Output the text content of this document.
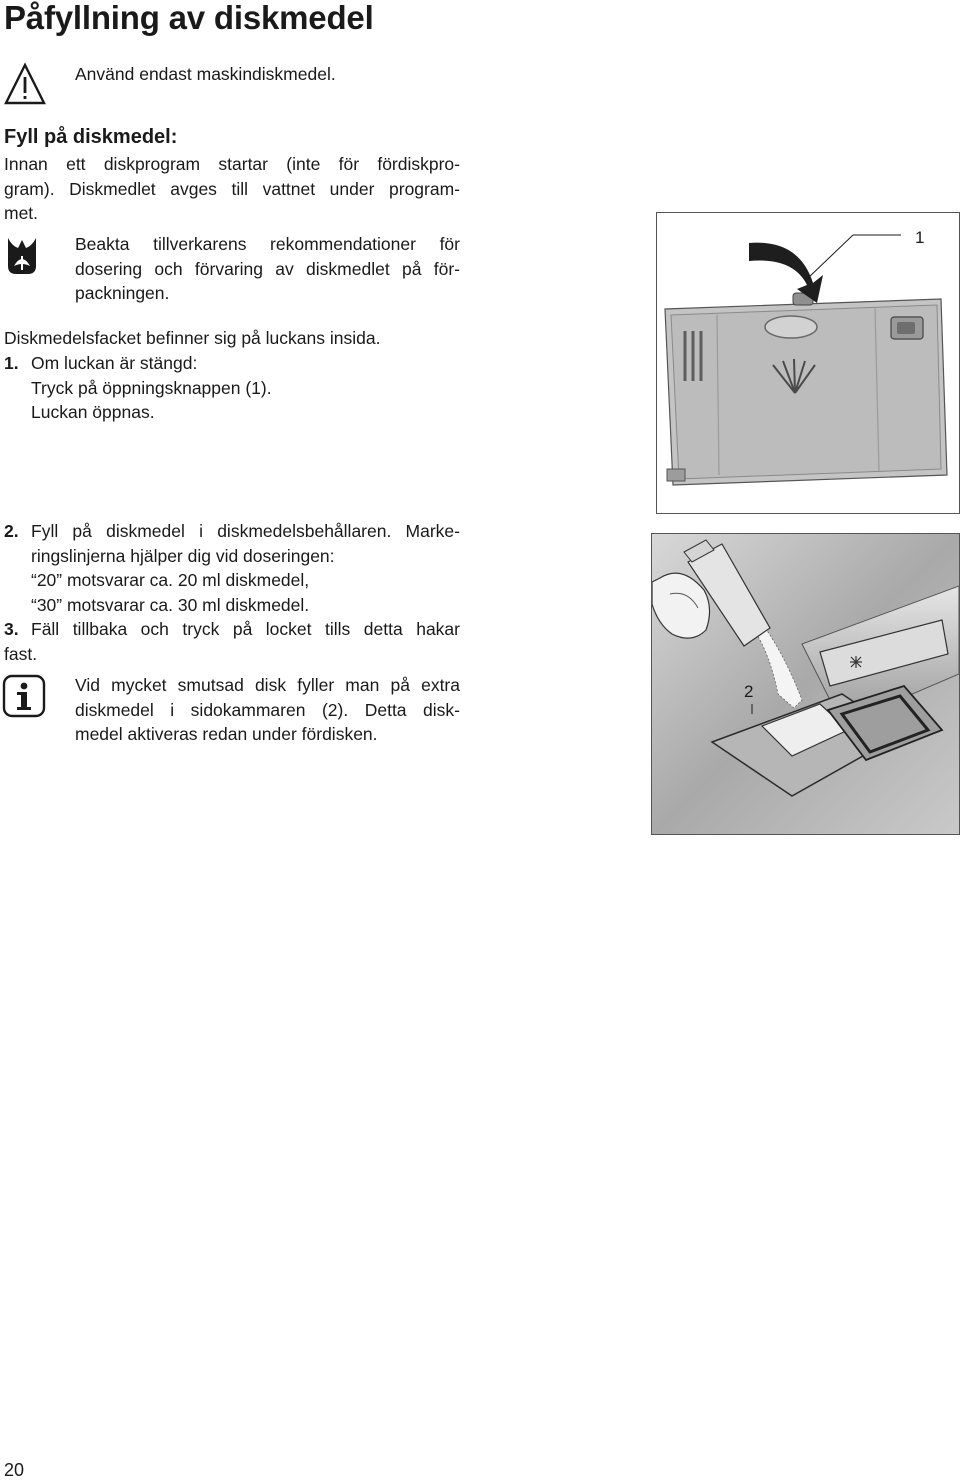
Påfyllning av diskmedel
Använd endast maskindiskmedel.
Fyll på diskmedel:
Innan ett diskprogram startar (inte för fördiskpro-
gram). Diskmedlet avges till vattnet under program-
met.
Beakta tillverkarens rekommendationer för
dosering och förvaring av diskmedlet på för-
packningen.
Diskmedelsfacket befinner sig på luckans insida.
1. Om luckan är stängd:
Tryck på öppningsknappen (1).
Luckan öppnas.
2. Fyll på diskmedel i diskmedelsbehållaren. Marke-
ringslinjerna hjälper dig vid doseringen:
“20” motsvarar ca. 20 ml diskmedel,
“30” motsvarar ca. 30 ml diskmedel.
3. Fäll tillbaka och tryck på locket tills detta hakar
fast.
Vid mycket smutsad disk fyller man på extra
diskmedel i sidokammaren (2). Detta disk-
medel aktiveras redan under fördisken.
1
2
20
